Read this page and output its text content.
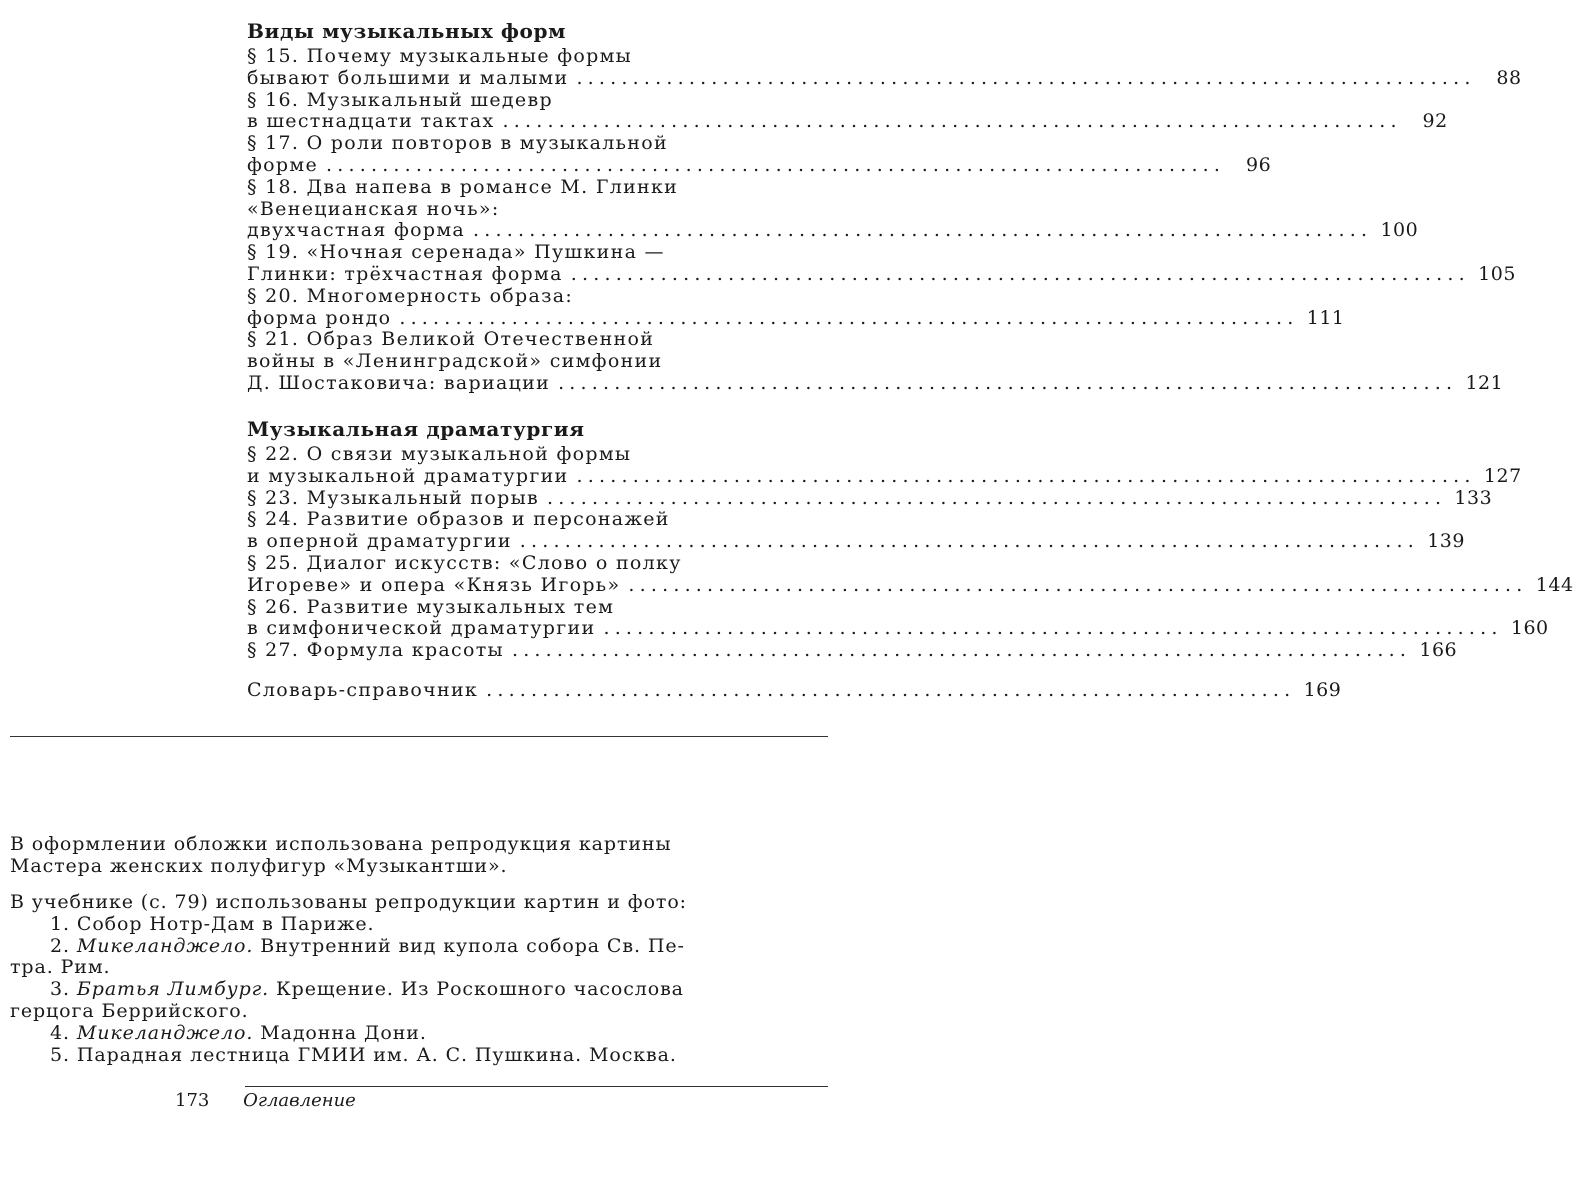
Виды музыкальных форм
§ 15. Почему музыкальные формы
бывают большими и малыми ................................................................................	88
§ 16. Музыкальный шедевр
в шестнадцати тактах ................................................................................	92
§ 17. О роли повторов в музыкальной
форме ................................................................................	96
§ 18. Два напева в романсе М. Глинки
«Венецианская ночь»:
двухчастная форма ................................................................................ 100
§ 19. «Ночная серенада» Пушкина —
Глинки: трёхчастная форма ................................................................................ 105
§ 20. Многомерность образа:
форма рондо ................................................................................ 111
§ 21. Образ Великой Отечественной
войны в «Ленинградской» симфонии
Д. Шостаковича: вариации ................................................................................ 121
Музыкальная драматургия
§ 22. О связи музыкальной формы
и музыкальной драматургии ................................................................................ 127
§ 23. Музыкальный порыв ................................................................................ 133
§ 24. Развитие образов и персонажей
в оперной драматургии ................................................................................ 139
§ 25. Диалог искусств: «Слово о полку
Игореве» и опера «Князь Игорь» ................................................................................ 144
§ 26. Развитие музыкальных тем
в симфонической драматургии ................................................................................ 160
§ 27. Формула красоты ................................................................................ 166
Словарь-справочник ........................................................................ 169
В оформлении обложки использована репродукция картины
Мастера женских полуфигур «Музыкантши».
В учебнике (с. 79) использованы репродукции картин и фото:
1. Собор Нотр-Дам в Париже.
2. Микеланджело. Внутренний вид купола собора Св. Пе-
тра. Рим.
3. Братья Лимбург. Крещение. Из Роскошного часослова
герцога Беррийского.
4. Микеланджело. Мадонна Дони.
5. Парадная лестница ГМИИ им. А. С. Пушкина. Москва.
173 Оглавление
